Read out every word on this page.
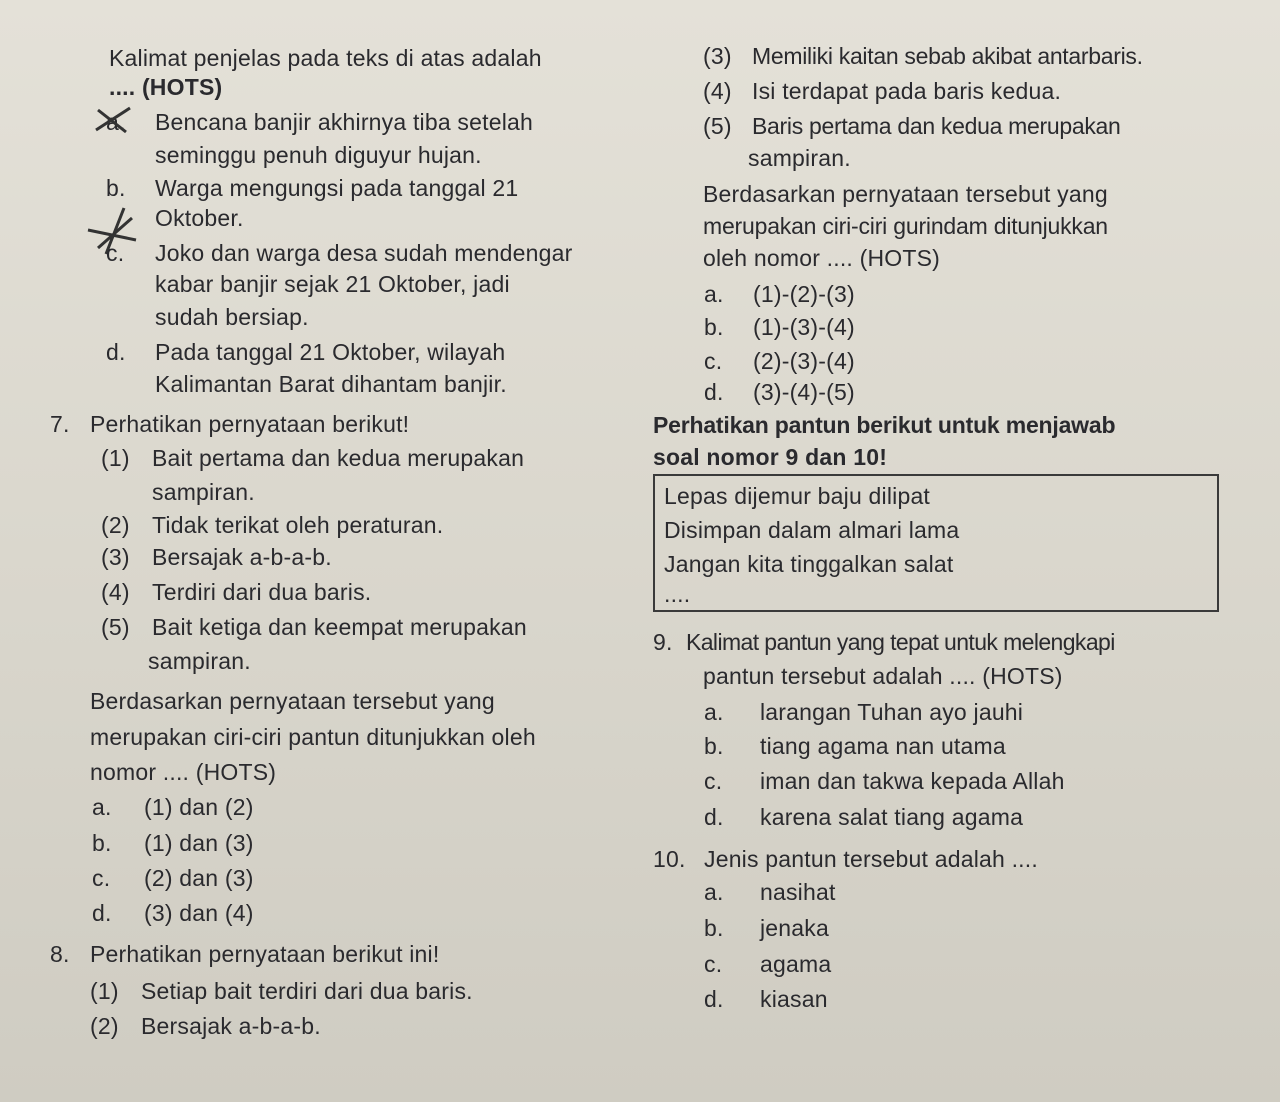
Kalimat penjelas pada teks di atas adalah
.... (HOTS)
a. Bencana banjir akhirnya tiba setelah
seminggu penuh diguyur hujan.
b. Warga mengungsi pada tanggal 21
Oktober.
c. Joko dan warga desa sudah mendengar
kabar banjir sejak 21 Oktober, jadi
sudah bersiap.
d. Pada tanggal 21 Oktober, wilayah
Kalimantan Barat dihantam banjir.
7. Perhatikan pernyataan berikut!
(1) Bait pertama dan kedua merupakan
sampiran.
(2) Tidak terikat oleh peraturan.
(3) Bersajak a-b-a-b.
(4) Terdiri dari dua baris.
(5) Bait ketiga dan keempat merupakan
sampiran.
Berdasarkan pernyataan tersebut yang
merupakan ciri-ciri pantun ditunjukkan oleh
nomor .... (HOTS)
a. (1) dan (2)
b. (1) dan (3)
c. (2) dan (3)
d. (3) dan (4)
8. Perhatikan pernyataan berikut ini!
(1) Setiap bait terdiri dari dua baris.
(2) Bersajak a-b-a-b.
(3) Memiliki kaitan sebab akibat antarbaris.
(4) Isi terdapat pada baris kedua.
(5) Baris pertama dan kedua merupakan
sampiran.
Berdasarkan pernyataan tersebut yang
merupakan ciri-ciri gurindam ditunjukkan
oleh nomor .... (HOTS)
a. (1)-(2)-(3)
b. (1)-(3)-(4)
c. (2)-(3)-(4)
d. (3)-(4)-(5)
Perhatikan pantun berikut untuk menjawab
soal nomor 9 dan 10!
Lepas dijemur baju dilipat
Disimpan dalam almari lama
Jangan kita tinggalkan salat
....
9. Kalimat pantun yang tepat untuk melengkapi
pantun tersebut adalah .... (HOTS)
a. larangan Tuhan ayo jauhi
b. tiang agama nan utama
c. iman dan takwa kepada Allah
d. karena salat tiang agama
10. Jenis pantun tersebut adalah ....
a. nasihat
b. jenaka
c. agama
d. kiasan
